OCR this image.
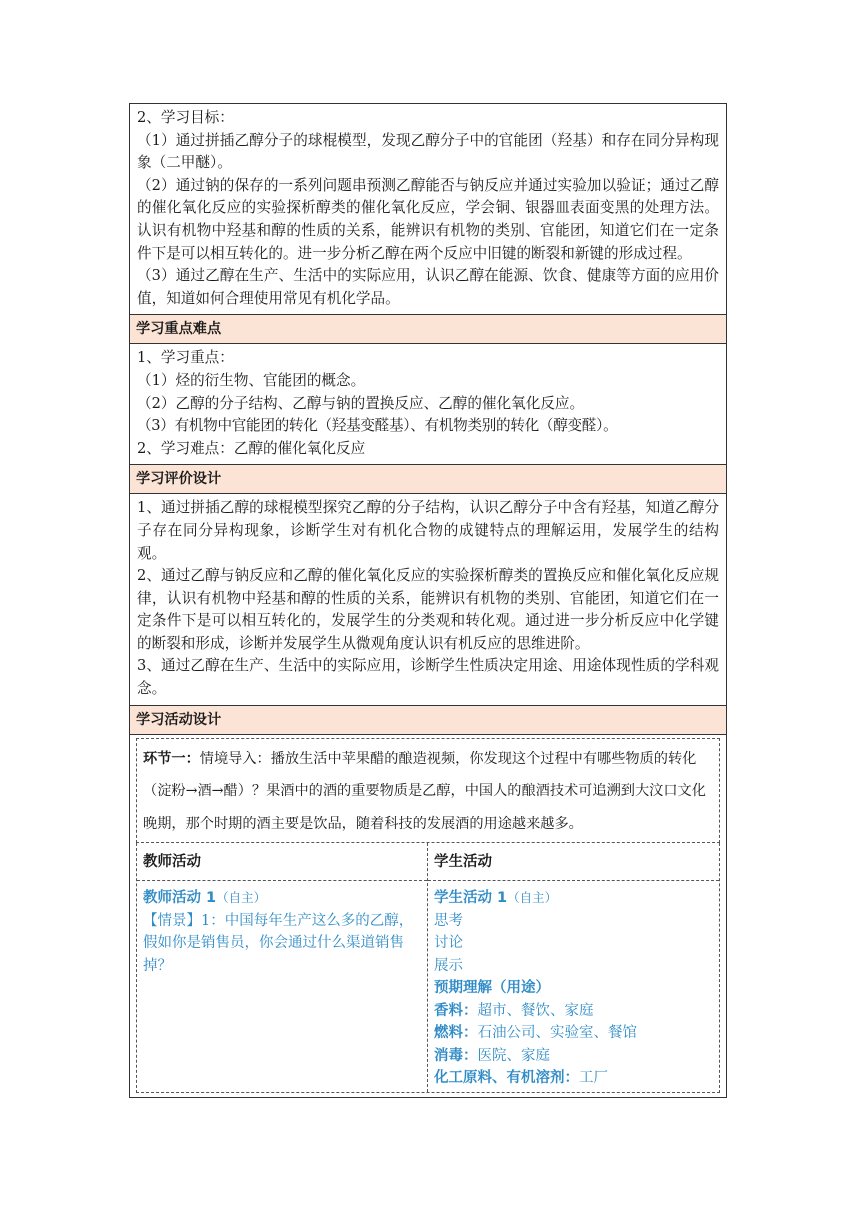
2、学习目标：

（1）通过拼插乙醇分子的球棍模型，发现乙醇分子中的官能团（羟基）和存在同分异构现象（二甲醚）。

（2）通过钠的保存的一系列问题串预测乙醇能否与钠反应并通过实验加以验证；通过乙醇的催化氧化反应的实验探析醇类的催化氧化反应，学会铜、银器皿表面变黑的处理方法。认识有机物中羟基和醇的性质的关系，能辨识有机物的类别、官能团，知道它们在一定条件下是可以相互转化的。进一步分析乙醇在两个反应中旧键的断裂和新键的形成过程。

（3）通过乙醇在生产、生活中的实际应用，认识乙醇在能源、饮食、健康等方面的应用价值，知道如何合理使用常见有机化学品。

学习重点难点

1、学习重点：

（1）烃的衍生物、官能团的概念。

（2）乙醇的分子结构、乙醇与钠的置换反应、乙醇的催化氧化反应。

（3）有机物中官能团的转化（羟基变醛基）、有机物类别的转化（醇变醛）。

2、学习难点：乙醇的催化氧化反应

学习评价设计

1、通过拼插乙醇的球棍模型探究乙醇的分子结构，认识乙醇分子中含有羟基，知道乙醇分子存在同分异构现象，诊断学生对有机化合物的成键特点的理解运用，发展学生的结构观。

2、通过乙醇与钠反应和乙醇的催化氧化反应的实验探析醇类的置换反应和催化氧化反应规律，认识有机物中羟基和醇的性质的关系，能辨识有机物的类别、官能团，知道它们在一定条件下是可以相互转化的，发展学生的分类观和转化观。通过进一步分析反应中化学键的断裂和形成，诊断并发展学生从微观角度认识有机反应的思维进阶。

3、通过乙醇在生产、生活中的实际应用，诊断学生性质决定用途、用途体现性质的学科观念。

学习活动设计
环节一：情境导入：播放生活中苹果醋的酿造视频，你发现这个过程中有哪些物质的转化（淀粉→酒→醋）？果酒中的酒的重要物质是乙醇，中国人的酿酒技术可追溯到大汶口文化晚期，那个时期的酒主要是饮品，随着科技的发展酒的用途越来越多。
教师活动
教师活动 1（自主）
【情景】1：中国每年生产这么多的乙醇，假如你是销售员，你会通过什么渠道销售掉？
学生活动
学生活动 1（自主）
思考
讨论
展示
预期理解（用途）
香料：超市、餐饮、家庭
燃料：石油公司、实验室、餐馆
消毒：医院、家庭
化工原料、有机溶剂：工厂
